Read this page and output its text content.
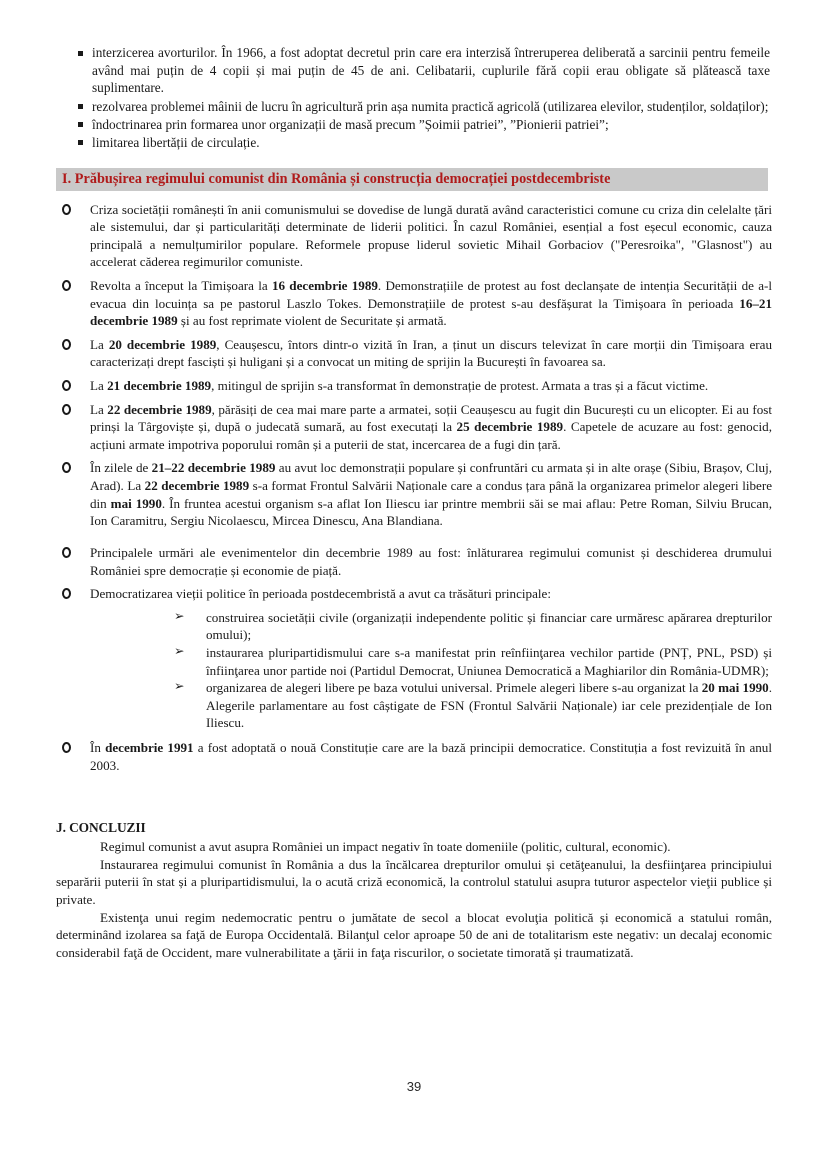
interzicerea avorturilor. În 1966, a fost adoptat decretul prin care era interzisă întreruperea deliberată a sarcinii pentru femeile având mai puțin de 4 copii și mai puțin de 45 de ani. Celibatarii, cuplurile fără copii erau obligate să plătească taxe suplimentare.
rezolvarea problemei mâinii de lucru în agricultură prin așa numita practică agricolă (utilizarea elevilor, studenților, soldaților);
îndoctrinarea prin formarea unor organizații de masă precum ”Șoimii patriei”, ”Pionierii patriei”;
limitarea libertății de circulație.
I. Prăbușirea regimului comunist din România și construcția democrației postdecembriste
Criza societății românești în anii comunismului se dovedise de lungă durată având caracteristici comune cu criza din celelalte țări ale sistemului, dar și particularități determinate de liderii politici. În cazul României, esențial a fost eșecul economic, cauza principală a nemulțumirilor populare. Reformele propuse liderul sovietic Mihail Gorbaciov ("Peresroika", "Glasnost") au accelerat căderea regimurilor comuniste.
Revolta a început la Timișoara la 16 decembrie 1989. Demonstrațiile de protest au fost declanșate de intenția Securității de a-l evacua din locuința sa pe pastorul Laszlo Tokes. Demonstrațiile de protest s-au desfășurat la Timișoara în perioada 16–21 decembrie 1989 și au fost reprimate violent de Securitate și armată.
La 20 decembrie 1989, Ceaușescu, întors dintr-o vizită în Iran, a ținut un discurs televizat în care morții din Timișoara erau caracterizați drept fasciști și huligani și a convocat un miting de sprijin la București în favoarea sa.
La 21 decembrie 1989, mitingul de sprijin s-a transformat în demonstrație de protest. Armata a tras și a făcut victime.
La 22 decembrie 1989, părăsiți de cea mai mare parte a armatei, soții Ceaușescu au fugit din București cu un elicopter. Ei au fost prinși la Târgoviște și, după o judecată sumară, au fost executați la 25 decembrie 1989. Capetele de acuzare au fost: genocid, acțiuni armate impotriva poporului român și a puterii de stat, incercarea de a fugi din țară.
În zilele de 21–22 decembrie 1989 au avut loc demonstrații populare și confruntări cu armata și in alte orașe (Sibiu, Brașov, Cluj, Arad). La 22 decembrie 1989 s-a format Frontul Salvării Naționale care a condus țara până la organizarea primelor alegeri libere din mai 1990. În fruntea acestui organism s-a aflat Ion Iliescu iar printre membrii săi se mai aflau: Petre Roman, Silviu Brucan, Ion Caramitru, Sergiu Nicolaescu, Mircea Dinescu, Ana Blandiana.
Principalele urmări ale evenimentelor din decembrie 1989 au fost: înlăturarea regimului comunist și deschiderea drumului României spre democrație și economie de piață.
Democratizarea vieții politice în perioada postdecembristă a avut ca trăsături principale:
➢ construirea societății civile (organizații independente politic și financiar care urmăresc apărarea drepturilor omului);
➢ instaurarea pluripartidismului care s-a manifestat prin reînfiinţarea vechilor partide (PNȚ, PNL, PSD) și înfiinţarea unor partide noi (Partidul Democrat, Uniunea Democratică a Maghiarilor din România-UDMR);
➢ organizarea de alegeri libere pe baza votului universal. Primele alegeri libere s-au organizat la 20 mai 1990. Alegerile parlamentare au fost câștigate de FSN (Frontul Salvării Naționale) iar cele prezidențiale de Ion Iliescu.
În decembrie 1991 a fost adoptată o nouă Constituție care are la bază principii democratice. Constituția a fost revizuită în anul 2003.
J. CONCLUZII

Regimul comunist a avut asupra României un impact negativ în toate domeniile (politic, cultural, economic).

Instaurarea regimului comunist în România a dus la încălcarea drepturilor omului și cetăţeanului, la desfiinţarea principiului separării puterii în stat și a pluripartidismului, la o acută criză economică, la controlul statului asupra tuturor aspectelor vieţii publice și private.

Existenţa unui regim nedemocratic pentru o jumătate de secol a blocat evoluţia politică și economică a statului român, determinând izolarea sa faţă de Europa Occidentală. Bilanţul celor aproape 50 de ani de totalitarism este negativ: un decalaj economic considerabil faţă de Occident, mare vulnerabilitate a ţării in faţa riscurilor, o societate timorată și traumatizată.

39
